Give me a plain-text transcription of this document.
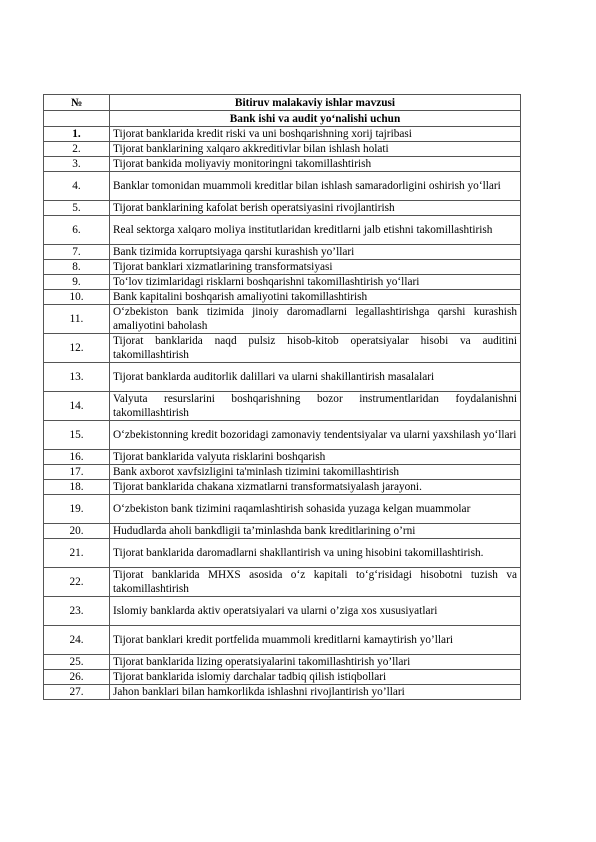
№	Bitiruv malakaviy ishlar mavzusi
	Bank ishi va audit yo‘nalishi uchun
1.	Tijorat banklarida kredit riski va uni boshqarishning xorij tajribasi
2.	Tijorat banklarining xalqaro akkreditivlar bilan ishlash holati
3.	Tijorat bankida moliyaviy monitoringni takomillashtirish
4.	Banklar tomonidan muammoli kreditlar bilan ishlash samaradorligini oshirish yo‘llari
5.	Tijorat banklarining kafolat berish operatsiyasini rivojlantirish
6.	Real sektorga xalqaro moliya institutlaridan kreditlarni jalb etishni takomillashtirish
7.	Bank tizimida korruptsiyaga qarshi kurashish yo’llari
8.	Tijorat banklari xizmatlarining transformatsiyasi
9.	To‘lov tizimlaridagi risklarni boshqarishni takomillashtirish yo‘llari
10.	Bank kapitalini boshqarish amaliyotini takomillashtirish
11.	O‘zbekiston bank tizimida jinoiy daromadlarni legallashtirishga qarshi kurashish amaliyotini baholash
12.	Tijorat banklarida naqd pulsiz hisob-kitob operatsiyalar hisobi va auditini takomillashtirish
13.	Tijorat banklarda auditorlik dalillari va ularni shakillantirish masalalari
14.	Valyuta resurslarini boshqarishning bozor instrumentlaridan foydalanishni takomillashtirish
15.	O‘zbekistonning kredit bozoridagi zamonaviy tendentsiyalar va ularni yaxshilash yo‘llari
16.	Tijorat banklarida valyuta risklarini boshqarish
17.	Bank axborot xavfsizligini ta'minlash tizimini takomillashtirish
18.	Tijorat banklarida chakana xizmatlarni transformatsiyalash jarayoni.
19.	O‘zbekiston bank tizimini raqamlashtirish sohasida yuzaga kelgan muammolar
20.	Hududlarda aholi bankdligii ta’minlashda bank kreditlarining o’rni
21.	Tijorat banklarida daromadlarni shakllantirish va uning hisobini takomillashtirish.
22.	Tijorat banklarida MHXS asosida o‘z kapitali to‘g‘risidagi hisobotni tuzish va takomillashtirish
23.	Islomiy banklarda aktiv operatsiyalari va ularni o’ziga xos xususiyatlari
24.	Tijorat banklari kredit portfelida muammoli kreditlarni kamaytirish yo’llari
25.	Tijorat banklarida lizing operatsiyalarini takomillashtirish yo’llari
26.	Tijorat banklarida islomiy darchalar tadbiq qilish istiqbollari
27.	Jahon banklari bilan hamkorlikda ishlashni rivojlantirish yo’llari
